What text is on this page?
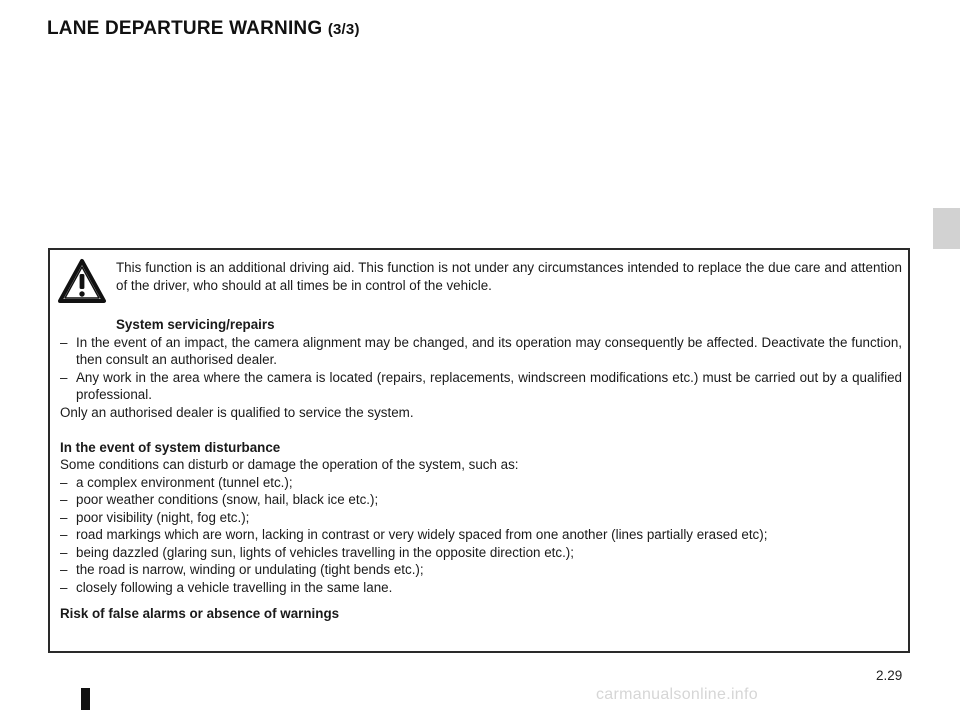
LANE DEPARTURE WARNING (3/3)
This function is an additional driving aid. This function is not under any circumstances intended to replace the due care and attention of the driver, who should at all times be in control of the vehicle.
System servicing/repairs
– In the event of an impact, the camera alignment may be changed, and its operation may consequently be affected. Deactivate the function, then consult an authorised dealer.
– Any work in the area where the camera is located (repairs, replacements, windscreen modifications etc.) must be carried out by a qualified professional.
Only an authorised dealer is qualified to service the system.
In the event of system disturbance
Some conditions can disturb or damage the operation of the system, such as:
– a complex environment (tunnel etc.);
– poor weather conditions (snow, hail, black ice etc.);
– poor visibility (night, fog etc.);
– road markings which are worn, lacking in contrast or very widely spaced from one another (lines partially erased etc);
– being dazzled (glaring sun, lights of vehicles travelling in the opposite direction etc.);
– the road is narrow, winding or undulating (tight bends etc.);
– closely following a vehicle travelling in the same lane.
Risk of false alarms or absence of warnings
2.29
carmanualsonline.info
